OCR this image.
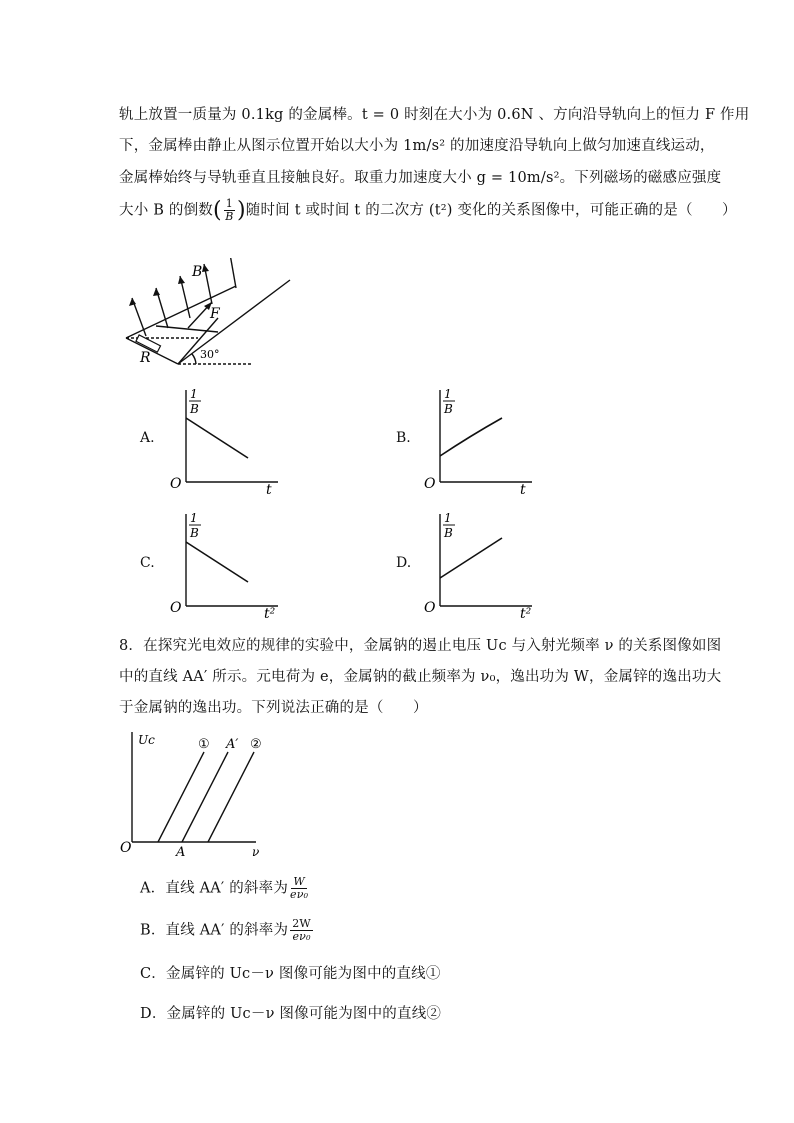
轨上放置一质量为 0.1kg 的金属棒。t = 0 时刻在大小为 0.6N 、方向沿导轨向上的恒力 F 作用
下，金属棒由静止从图示位置开始以大小为 1m/s² 的加速度沿导轨向上做匀加速直线运动，
金属棒始终与导轨垂直且接触良好。取重力加速度大小 g = 10m/s²。下列磁场的磁感应强度
大小 B 的倒数( $\frac{1}{B}$ )随时间 t 或时间 t 的二次方 (t²) 变化的关系图像中，可能正确的是（　　）
B
F
R	30°
A.
1
B
O	t
B.
1
B
O	t
C.
1
B
O	t²
D.
1
B
O	t²
8．在探究光电效应的规律的实验中，金属钠的遏止电压 Uc 与入射光频率 ν 的关系图像如图
中的直线 AA′ 所示。元电荷为 e，金属钠的截止频率为 ν₀，逸出功为 W，金属锌的逸出功大
于金属钠的逸出功。下列说法正确的是（　　）
Uc
O	A	ν
① A′ ②
A．直线 AA′ 的斜率为 $\frac{W}{\text{eν₀}}$
B．直线 AA′ 的斜率为 $\frac{2W}{\text{eν₀}}$
C．金属锌的 Uc－ν 图像可能为图中的直线①
D．金属锌的 Uc－ν 图像可能为图中的直线②
